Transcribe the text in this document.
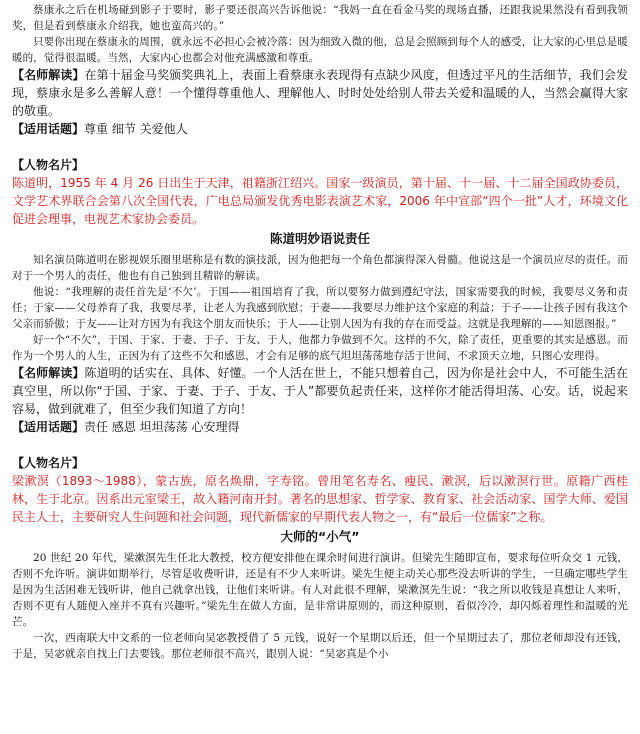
蔡康永之后在机场碰到影子于要时，影子要还很高兴告诉他说：“我妈一直在看金马奖的现场直播，还跟我说果然没有看到我领奖，但是看到蔡康永介绍我，她也蛮高兴的。”

只要你出现在蔡康永的周围，就永远不必担心会被冷落：因为细致入微的他，总是会照顾到每个人的感受，让大家的心里总是暖暖的，觉得很温暖。当然，大家内心也都会对他充满感激和尊重。

【名师解读】在第十届金马奖颁奖典礼上，表面上看蔡康永表现得有点缺少风度，但透过平凡的生活细节，我们会发现，蔡康永是多么善解人意！一个懂得尊重他人、理解他人、时时处处给别人带去关爱和温暖的人，当然会赢得大家的敬重。

【适用话题】尊重 细节 关爱他人

【人物名片】

陈道明，1955 年 4 月 26 日出生于天津，祖籍浙江绍兴。国家一级演员，第十届、十一届、十二届全国政协委员，文学艺术界联合会第八次全国代表，广电总局颁发优秀电影表演艺术家，2006 年中宣部“四个一批”人才，环境文化促进会理事，电视艺术家协会委员。

陈道明妙语说责任

知名演员陈道明在影视娱乐圈里堪称是有数的演技派，因为他把每一个角色都演得深入骨髓。他说这是一个演员应尽的责任。而对于一个男人的责任，他也有自己独到且精辟的解读。

他说：“我理解的责任首先是‘不欠’。于国——祖国培育了我，所以要努力做到遵纪守法，国家需要我的时候，我要尽义务和责任；于家——父母养育了我，我要尽孝，让老人为我感到欣慰；于妻——我要尽力维护这个家庭的利益；于子——让孩子因有我这个父亲而骄傲；于友——让对方因为有我这个朋友而快乐；于人——让别人因为有我的存在而受益。这就是我理解的——知恩图报。”

好一个“不欠”，于国、于家、于妻、于子、于友、于人，他都力争做到不欠。这样的不欠，除了责任，更重要的其实是感恩。而作为一个男人的人生，正因为有了这些不欠和感恩，才会有足够的底气坦坦荡荡地存活于世间，不求顶天立地，只图心安理得。

【名师解读】陈道明的话实在、具体、好懂。一个人活在世上，不能只想着自己，因为你是社会中人，不可能生活在真空里，所以你“于国、于家、于妻、于子、于友、于人”都要负起责任来，这样你才能活得坦荡、心安。话，说起来容易，做到就难了，但至少我们知道了方向！

【适用话题】责任 感恩 坦坦荡荡 心安理得

【人物名片】

梁漱溟（1893～1988），蒙古族，原名焕鼎，字寿铭。曾用笔名寿名、瘦民、漱溟，后以漱溟行世。原籍广西桂林，生于北京。因系出元室梁王，故入籍河南开封。著名的思想家、哲学家、教育家、社会活动家、国学大师、爱国民主人士，主要研究人生问题和社会问题，现代新儒家的早期代表人物之一，有“最后一位儒家”之称。

大师的“小气”

20 世纪 20 年代，梁漱溟先生任北大教授，校方便安排他在课余时间进行演讲。但梁先生随即宣布，要求每位听众交 1 元钱，否则不允许听。演讲如期举行，尽管是收费听讲，还是有不少人来听讲。梁先生便主动关心那些没去听讲的学生，一旦确定哪些学生是因为生活困难无钱听讲，他自己就拿出钱，让他们来听讲。有人对此很不理解，梁漱溟先生说：“我之所以收钱是真想让人来听，否则不更有人随便入座并不真有兴趣听。”梁先生在做人方面，是非常讲原则的，而这种原则，看似冷冷，却闪烁着理性和温暖的光芒。

一次，西南联大中文系的一位老师向吴宓教授借了 5 元钱，说好一个星期以后还，但一个星期过去了，那位老师却没有还钱，于是，吴宓就亲自找上门去要钱。那位老师很不高兴，跟别人说：“吴宓真是个小
